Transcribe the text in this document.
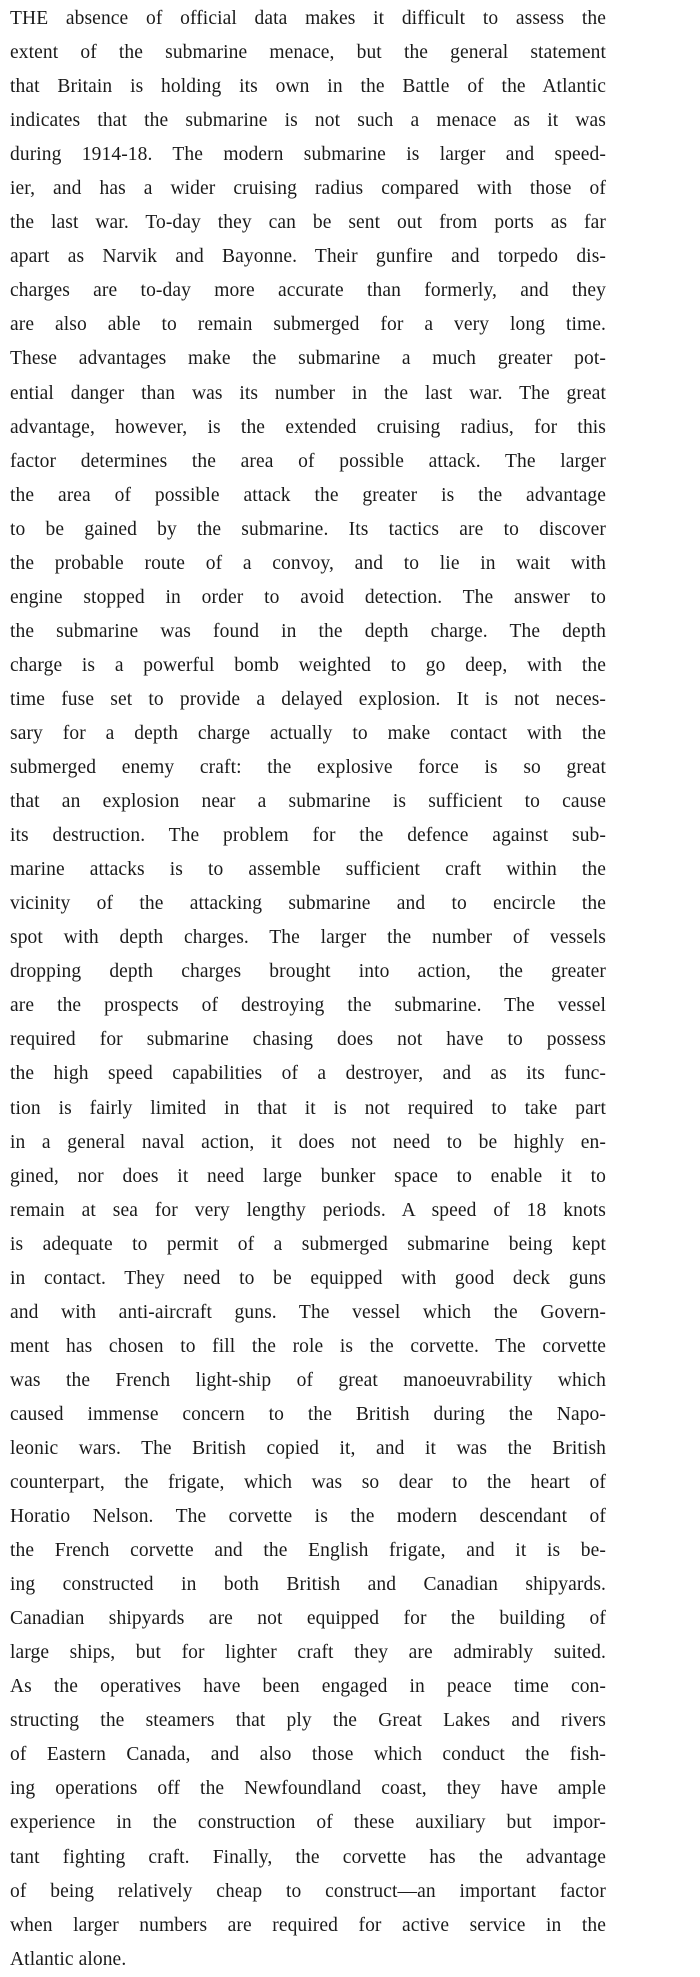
THE absence of official data makes it difficult to assess the
extent of the submarine menace, but the general statement
that Britain is holding its own in the Battle of the Atlantic
indicates that the submarine is not such a menace as it was
during 1914-18. The modern submarine is larger and speed-
ier, and has a wider cruising radius compared with those of
the last war. To-day they can be sent out from ports as far
apart as Narvik and Bayonne. Their gunfire and torpedo dis-
charges are to-day more accurate than formerly, and they
are also able to remain submerged for a very long time.
These advantages make the submarine a much greater pot-
ential danger than was its number in the last war. The great
advantage, however, is the extended cruising radius, for this
factor determines the area of possible attack. The larger
the area of possible attack the greater is the advantage
to be gained by the submarine. Its tactics are to discover
the probable route of a convoy, and to lie in wait with
engine stopped in order to avoid detection. The answer to
the submarine was found in the depth charge. The depth
charge is a powerful bomb weighted to go deep, with the
time fuse set to provide a delayed explosion. It is not neces-
sary for a depth charge actually to make contact with the
submerged enemy craft: the explosive force is so great
that an explosion near a submarine is sufficient to cause
its destruction. The problem for the defence against sub-
marine attacks is to assemble sufficient craft within the
vicinity of the attacking submarine and to encircle the
spot with depth charges. The larger the number of vessels
dropping depth charges brought into action, the greater
are the prospects of destroying the submarine. The vessel
required for submarine chasing does not have to possess
the high speed capabilities of a destroyer, and as its func-
tion is fairly limited in that it is not required to take part
in a general naval action, it does not need to be highly en-
gined, nor does it need large bunker space to enable it to
remain at sea for very lengthy periods. A speed of 18 knots
is adequate to permit of a submerged submarine being kept
in contact. They need to be equipped with good deck guns
and with anti-aircraft guns. The vessel which the Govern-
ment has chosen to fill the role is the corvette. The corvette
was the French light-ship of great manoeuvrability which
caused immense concern to the British during the Napo-
leonic wars. The British copied it, and it was the British
counterpart, the frigate, which was so dear to the heart of
Horatio Nelson. The corvette is the modern descendant of
the French corvette and the English frigate, and it is be-
ing constructed in both British and Canadian shipyards.
Canadian shipyards are not equipped for the building of
large ships, but for lighter craft they are admirably suited.
As the operatives have been engaged in peace time con-
structing the steamers that ply the Great Lakes and rivers
of Eastern Canada, and also those which conduct the fish-
ing operations off the Newfoundland coast, they have ample
experience in the construction of these auxiliary but impor-
tant fighting craft. Finally, the corvette has the advantage
of being relatively cheap to construct—an important factor
when larger numbers are required for active service in the
Atlantic alone.
